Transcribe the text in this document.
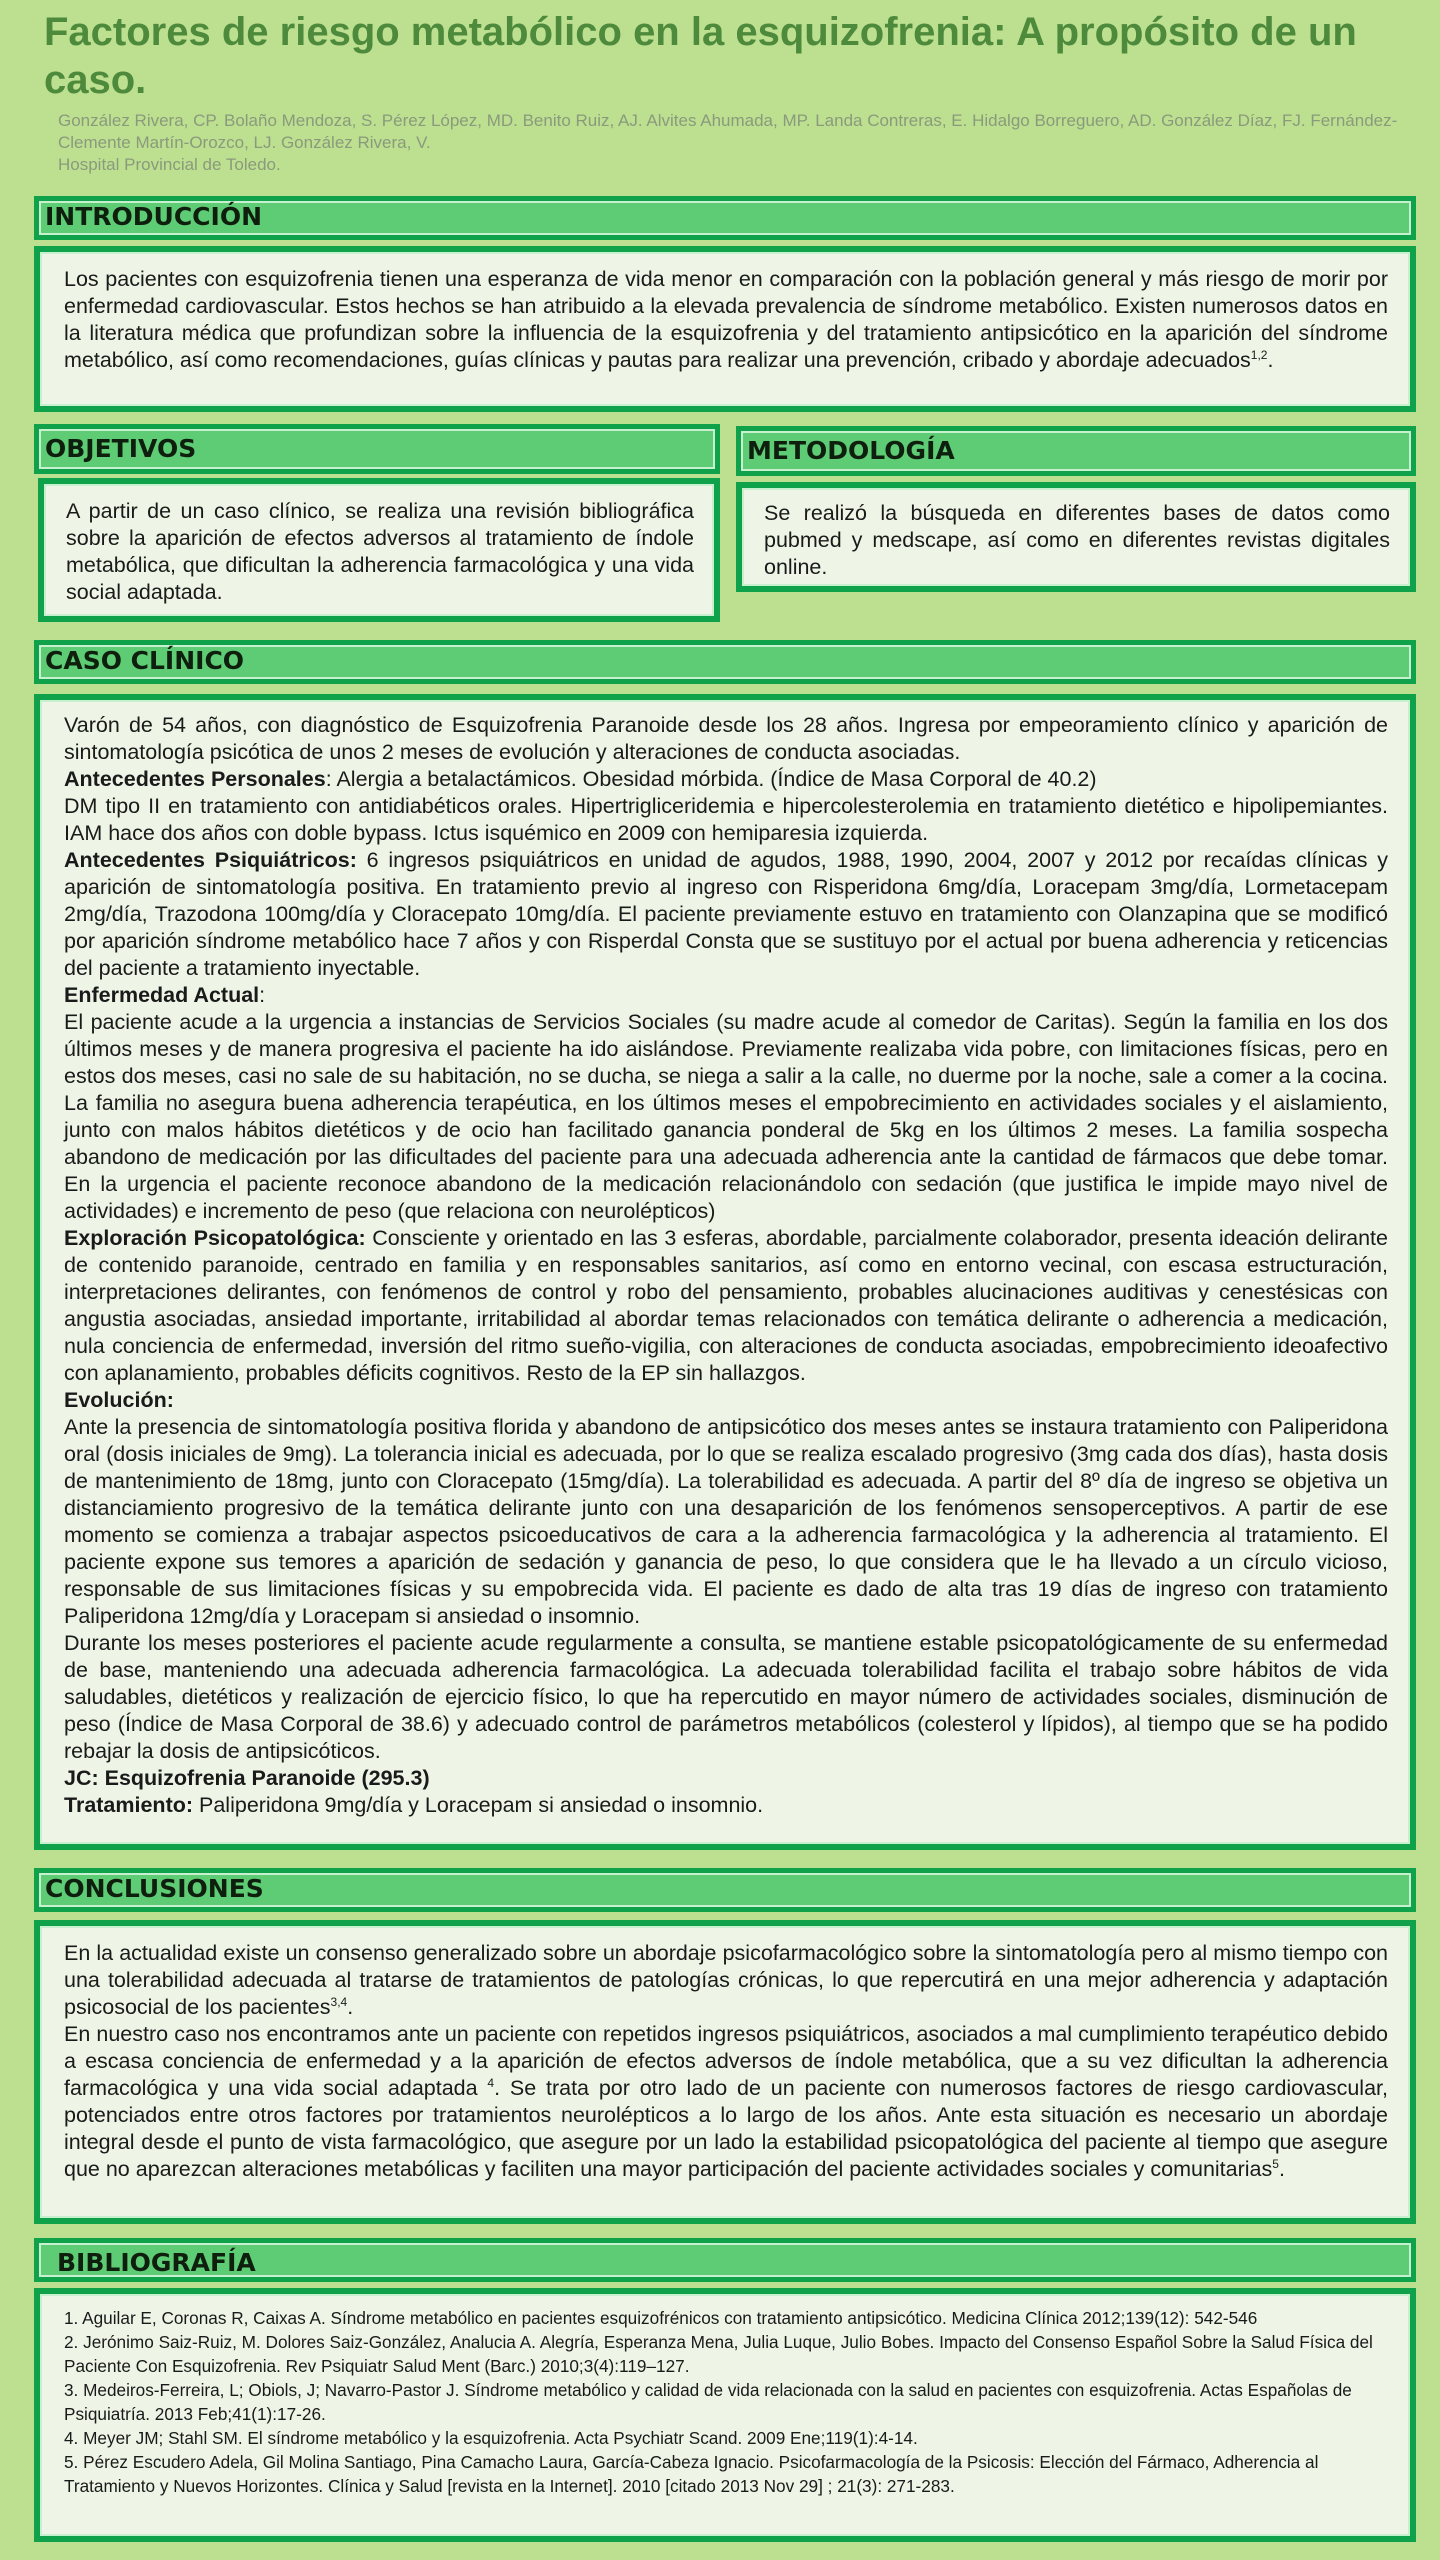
Factores de riesgo metabólico en la esquizofrenia: A propósito de un caso.
González Rivera, CP. Bolaño Mendoza, S. Pérez López, MD. Benito Ruiz, AJ. Alvites Ahumada, MP. Landa Contreras, E. Hidalgo Borreguero, AD. González Díaz, FJ. Fernández-Clemente Martín-Orozco, LJ. González Rivera, V.
Hospital Provincial de Toledo.
INTRODUCCIÓN

Los pacientes con esquizofrenia tienen una esperanza de vida menor en comparación con la población general y más riesgo de morir por enfermedad cardiovascular. Estos hechos se han atribuido a la elevada prevalencia de síndrome metabólico. Existen numerosos datos en la literatura médica que profundizan sobre la influencia de la esquizofrenia y del tratamiento antipsicótico en la aparición del síndrome metabólico, así como recomendaciones, guías clínicas y pautas para realizar una prevención, cribado y abordaje adecuados$^{1,2}$.

OBJETIVOS

A partir de un caso clínico, se realiza una revisión bibliográfica sobre la aparición de efectos adversos al tratamiento de índole metabólica, que dificultan la adherencia farmacológica y una vida social adaptada.

METODOLOGÍA

Se realizó la búsqueda en diferentes bases de datos como pubmed y medscape, así como en diferentes revistas digitales online.

CASO CLÍNICO

Varón de 54 años, con diagnóstico de Esquizofrenia Paranoide desde los 28 años. Ingresa por empeoramiento clínico y aparición de sintomatología psicótica de unos 2 meses de evolución y alteraciones de conducta asociadas.

Antecedentes Personales: Alergia a betalactámicos. Obesidad mórbida. (Índice de Masa Corporal de 40.2)

DM tipo II en tratamiento con antidiabéticos orales. Hipertrigliceridemia e hipercolesterolemia en tratamiento dietético e hipolipemiantes. IAM hace dos años con doble bypass. Ictus isquémico en 2009 con hemiparesia izquierda.

Antecedentes Psiquiátricos: 6 ingresos psiquiátricos en unidad de agudos, 1988, 1990, 2004, 2007 y 2012 por recaídas clínicas y aparición de sintomatología positiva. En tratamiento previo al ingreso con Risperidona 6mg/día, Loracepam 3mg/día, Lormetacepam 2mg/día, Trazodona 100mg/día y Cloracepato 10mg/día. El paciente previamente estuvo en tratamiento con Olanzapina que se modificó por aparición síndrome metabólico hace 7 años y con Risperdal Consta que se sustituyo por el actual por buena adherencia y reticencias del paciente a tratamiento inyectable.

Enfermedad Actual:

El paciente acude a la urgencia a instancias de Servicios Sociales (su madre acude al comedor de Caritas). Según la familia en los dos últimos meses y de manera progresiva el paciente ha ido aislándose. Previamente realizaba vida pobre, con limitaciones físicas, pero en estos dos meses, casi no sale de su habitación, no se ducha, se niega a salir a la calle, no duerme por la noche, sale a comer a la cocina. La familia no asegura buena adherencia terapéutica, en los últimos meses el empobrecimiento en actividades sociales y el aislamiento, junto con malos hábitos dietéticos y de ocio han facilitado ganancia ponderal de 5kg en los últimos 2 meses. La familia sospecha abandono de medicación por las dificultades del paciente para una adecuada adherencia ante la cantidad de fármacos que debe tomar. En la urgencia el paciente reconoce abandono de la medicación relacionándolo con sedación (que justifica le impide mayo nivel de actividades) e incremento de peso (que relaciona con neurolépticos)

Exploración Psicopatológica: Consciente y orientado en las 3 esferas, abordable, parcialmente colaborador, presenta ideación delirante de contenido paranoide, centrado en familia y en responsables sanitarios, así como en entorno vecinal, con escasa estructuración, interpretaciones delirantes, con fenómenos de control y robo del pensamiento, probables alucinaciones auditivas y cenestésicas con angustia asociadas, ansiedad importante, irritabilidad al abordar temas relacionados con temática delirante o adherencia a medicación, nula conciencia de enfermedad, inversión del ritmo sueño-vigilia, con alteraciones de conducta asociadas, empobrecimiento ideoafectivo con aplanamiento, probables déficits cognitivos. Resto de la EP sin hallazgos.

Evolución:

Ante la presencia de sintomatología positiva florida y abandono de antipsicótico dos meses antes se instaura tratamiento con Paliperidona oral (dosis iniciales de 9mg). La tolerancia inicial es adecuada, por lo que se realiza escalado progresivo (3mg cada dos días), hasta dosis de mantenimiento de 18mg, junto con Cloracepato (15mg/día). La tolerabilidad es adecuada. A partir del 8º día de ingreso se objetiva un distanciamiento progresivo de la temática delirante junto con una desaparición de los fenómenos sensoperceptivos. A partir de ese momento se comienza a trabajar aspectos psicoeducativos de cara a la adherencia farmacológica y la adherencia al tratamiento. El paciente expone sus temores a aparición de sedación y ganancia de peso, lo que considera que le ha llevado a un círculo vicioso, responsable de sus limitaciones físicas y su empobrecida vida. El paciente es dado de alta tras 19 días de ingreso con tratamiento Paliperidona 12mg/día y Loracepam si ansiedad o insomnio.

Durante los meses posteriores el paciente acude regularmente a consulta, se mantiene estable psicopatológicamente de su enfermedad de base, manteniendo una adecuada adherencia farmacológica. La adecuada tolerabilidad facilita el trabajo sobre hábitos de vida saludables, dietéticos y realización de ejercicio físico, lo que ha repercutido en mayor número de actividades sociales, disminución de peso (Índice de Masa Corporal de 38.6) y adecuado control de parámetros metabólicos (colesterol y lípidos), al tiempo que se ha podido rebajar la dosis de antipsicóticos.

JC: Esquizofrenia Paranoide (295.3)

Tratamiento: Paliperidona 9mg/día y Loracepam si ansiedad o insomnio.

CONCLUSIONES

En la actualidad existe un consenso generalizado sobre un abordaje psicofarmacológico sobre la sintomatología pero al mismo tiempo con una tolerabilidad adecuada al tratarse de tratamientos de patologías crónicas, lo que repercutirá en una mejor adherencia y adaptación psicosocial de los pacientes$^{3,4}$.

En nuestro caso nos encontramos ante un paciente con repetidos ingresos psiquiátricos, asociados a mal cumplimiento terapéutico debido a escasa conciencia de enfermedad y a la aparición de efectos adversos de índole metabólica, que a su vez dificultan la adherencia farmacológica y una vida social adaptada $^4$. Se trata por otro lado de un paciente con numerosos factores de riesgo cardiovascular, potenciados entre otros factores por tratamientos neurolépticos a lo largo de los años. Ante esta situación es necesario un abordaje integral desde el punto de vista farmacológico, que asegure por un lado la estabilidad psicopatológica del paciente al tiempo que asegure que no aparezcan alteraciones metabólicas y faciliten una mayor participación del paciente actividades sociales y comunitarias$^5$.

BIBLIOGRAFÍA

1. Aguilar E, Coronas R, Caixas A. Síndrome metabólico en pacientes esquizofrénicos con tratamiento antipsicótico. Medicina Clínica 2012;139(12): 542-546

2. Jerónimo Saiz-Ruiz, M. Dolores Saiz-González, Analucia A. Alegría, Esperanza Mena, Julia Luque, Julio Bobes. Impacto del Consenso Español Sobre la Salud Física del Paciente Con Esquizofrenia. Rev Psiquiatr Salud Ment (Barc.) 2010;3(4):119–127.

3. Medeiros-Ferreira, L; Obiols, J; Navarro-Pastor J. Síndrome metabólico y calidad de vida relacionada con la salud en pacientes con esquizofrenia. Actas Españolas de Psiquiatría. 2013 Feb;41(1):17-26.

4. Meyer JM; Stahl SM. El síndrome metabólico y la esquizofrenia. Acta Psychiatr Scand. 2009 Ene;119(1):4-14.

5. Pérez Escudero Adela, Gil Molina Santiago, Pina Camacho Laura, García-Cabeza Ignacio. Psicofarmacología de la Psicosis: Elección del Fármaco, Adherencia al Tratamiento y Nuevos Horizontes. Clínica y Salud [revista en la Internet]. 2010 [citado 2013 Nov 29] ; 21(3): 271-283.
